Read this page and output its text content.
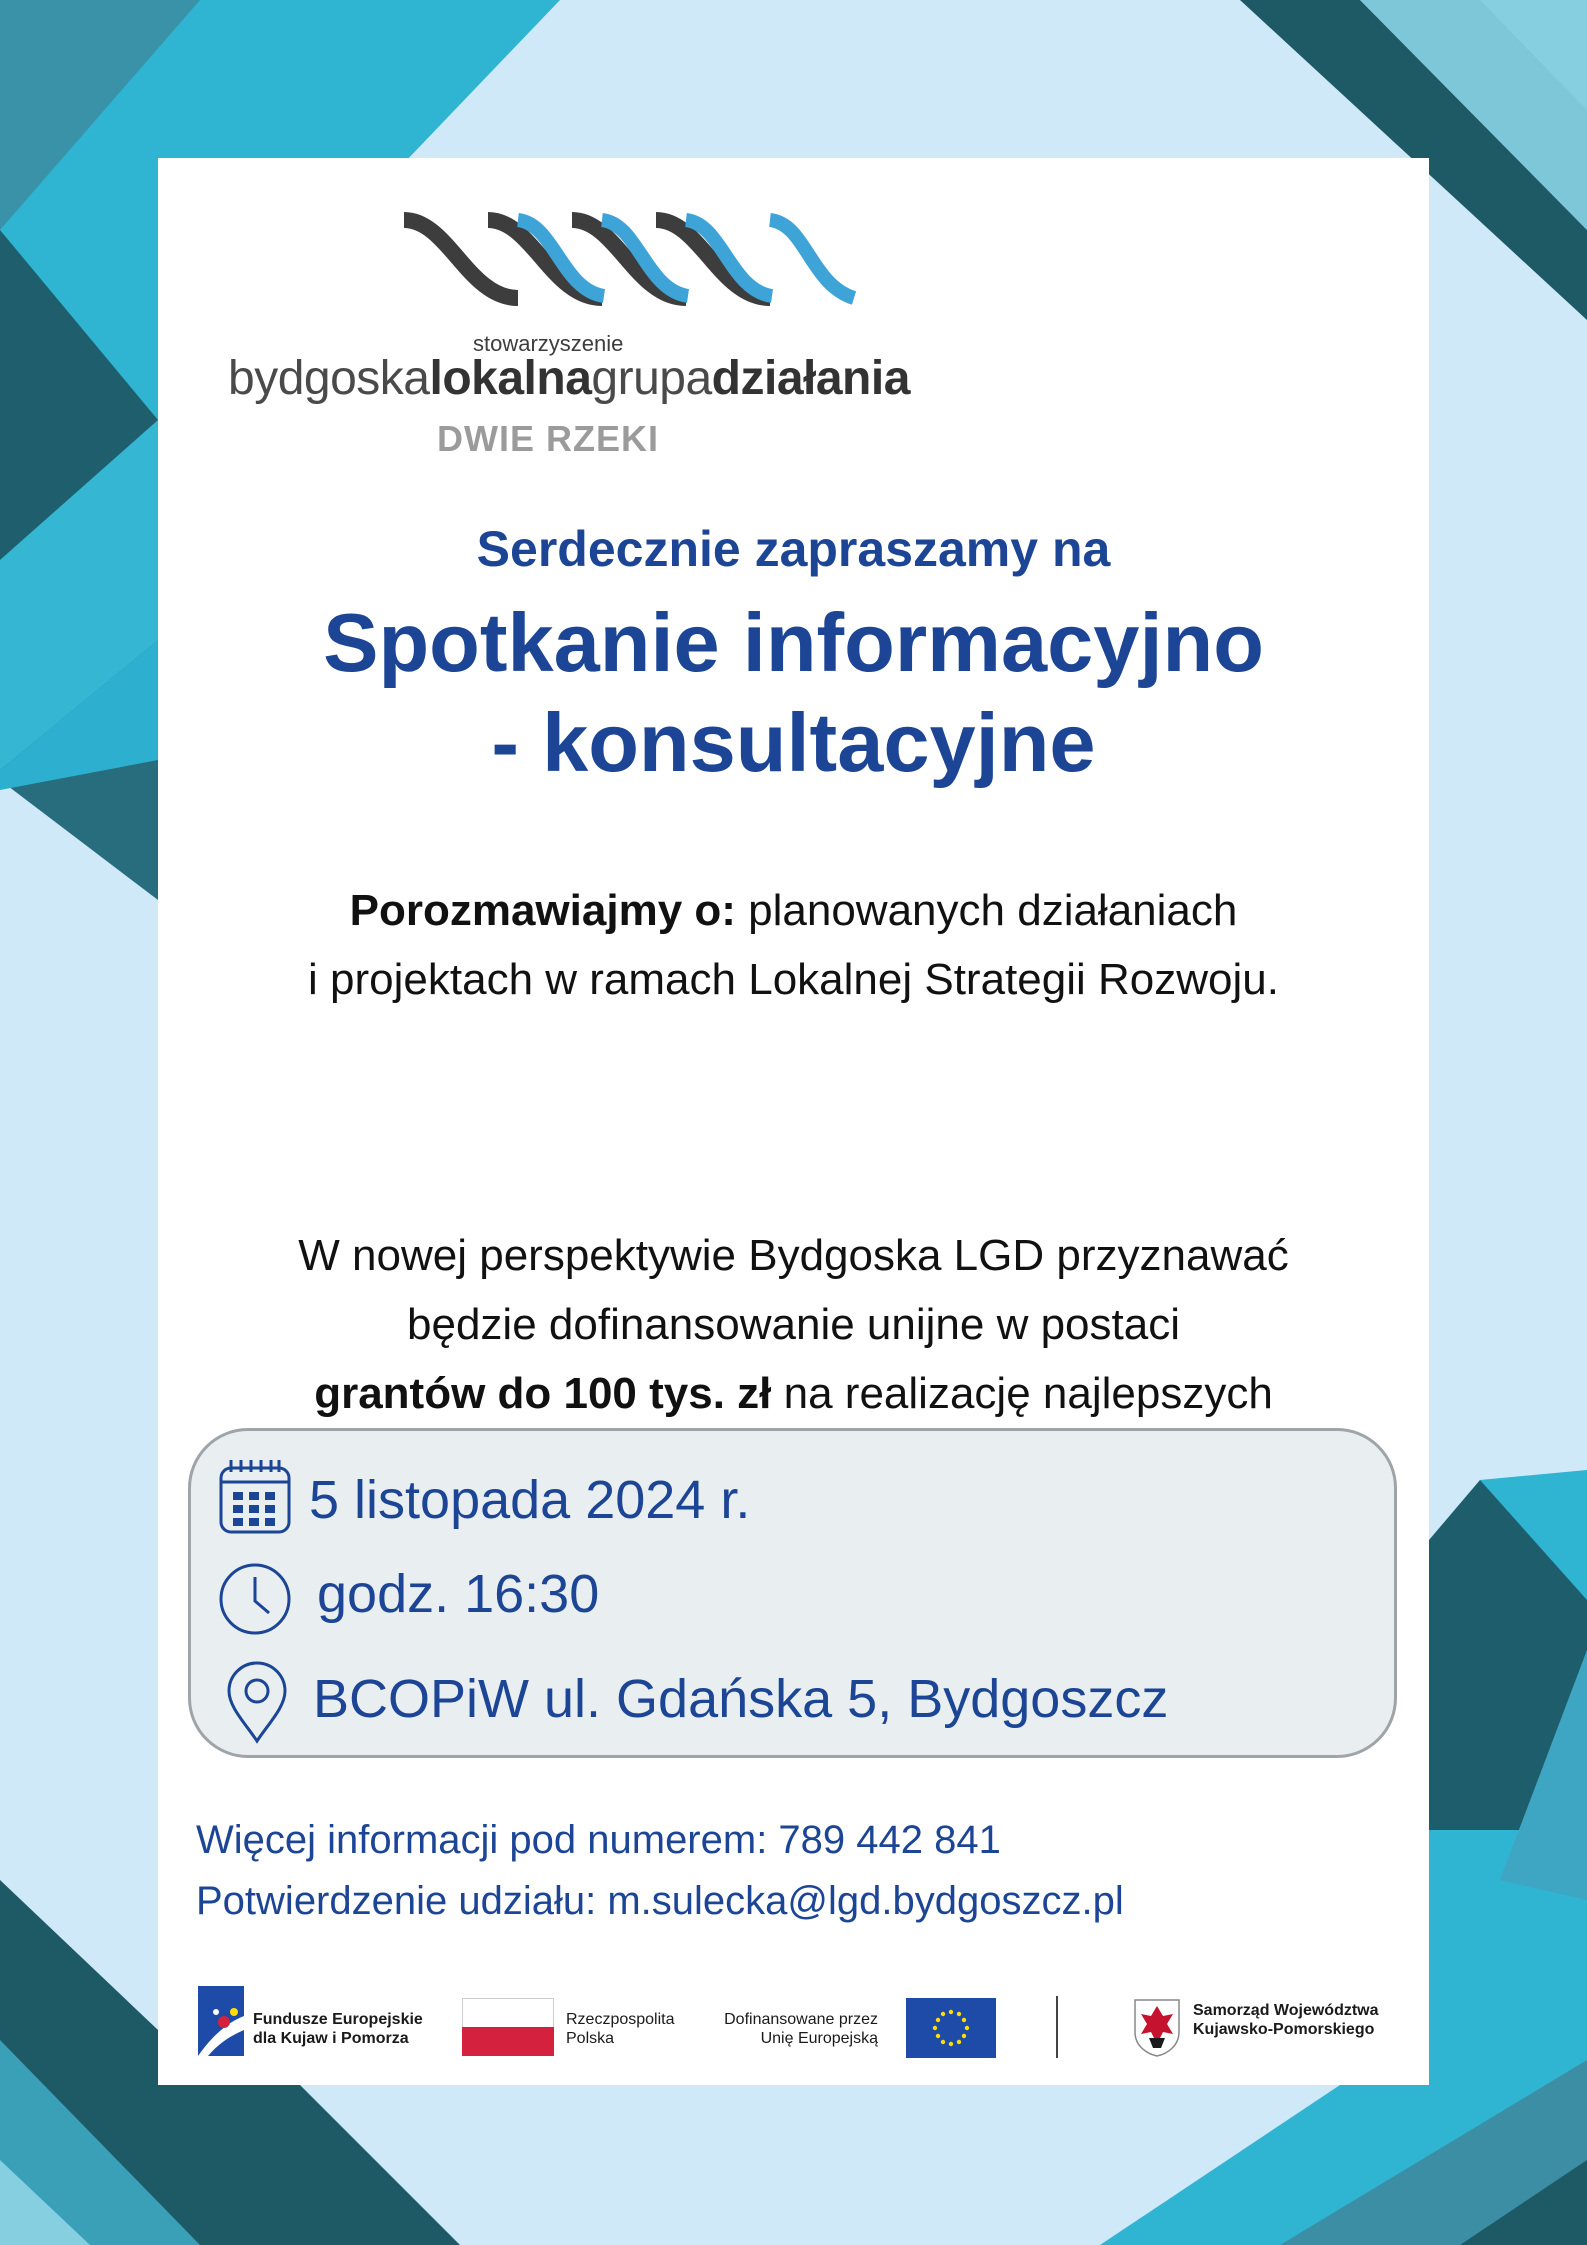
stowarzyszenie
bydgoskalokalnagrupadziałania
DWIE RZEKI
Serdecznie zapraszamy na
Spotkanie informacyjno
- konsultacyjne
Porozmawiajmy o: planowanych działaniach
i projektach w ramach Lokalnej Strategii Rozwoju.
W nowej perspektywie Bydgoska LGD przyznawać
będzie dofinansowanie unijne w postaci
grantów do 100 tys. zł na realizację najlepszych
5 listopada 2024 r.
godz. 16:30
BCOPiW ul. Gdańska 5, Bydgoszcz
Więcej informacji pod numerem: 789 442 841
Potwierdzenie udziału: m.sulecka@lgd.bydgoszcz.pl
Fundusze Europejskie
dla Kujaw i Pomorza
Rzeczpospolita
Polska
Dofinansowane przez
Unię Europejską
Samorząd Województwa
Kujawsko-Pomorskiego
